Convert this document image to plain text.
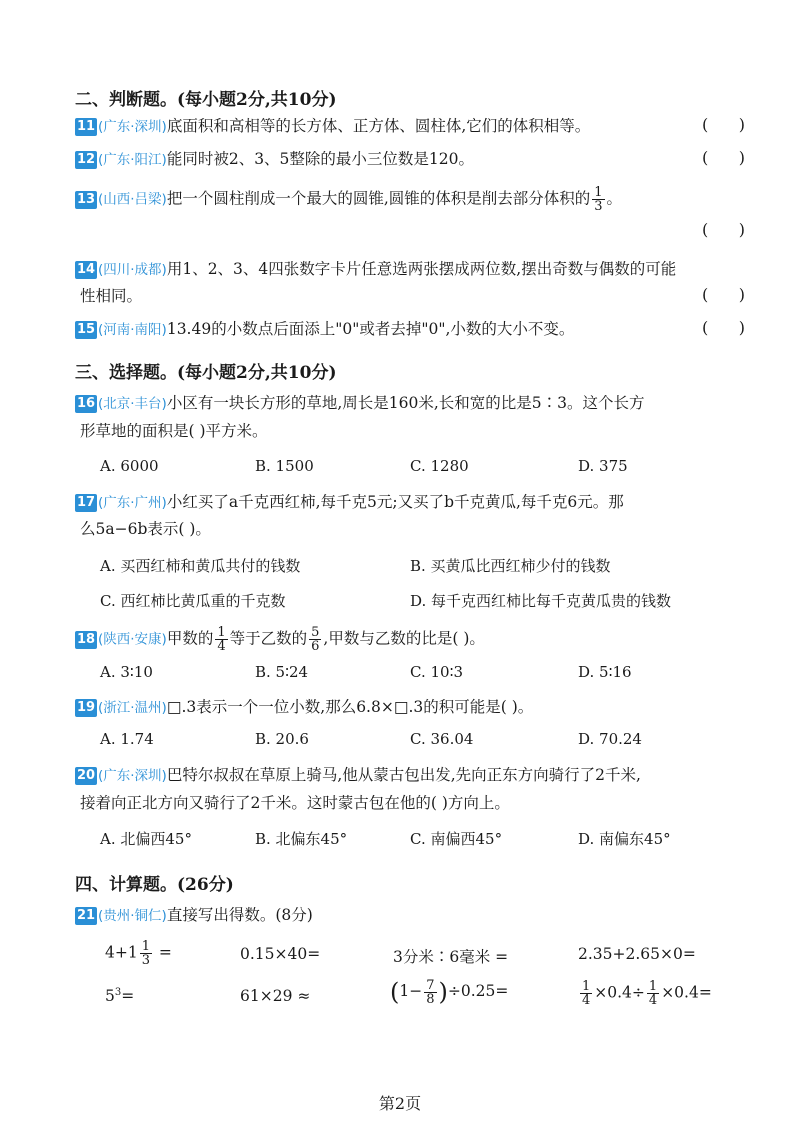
二、判断题。(每小题2分,共10分)
11 (广东·深圳)底面积和高相等的长方体、正方体、圆柱体,它们的体积相等。	(      )
12 (广东·阳江)能同时被2、3、5整除的最小三位数是120。	(      )
13 (山西·吕梁)把一个圆柱削成一个最大的圆锥,圆锥的体积是削去部分体积的 $\frac{1}{3}$ 。
(      )
14 (四川·成都)用1、2、3、4四张数字卡片任意选两张摆成两位数,摆出奇数与偶数的可能
性相同。	(      )
15 (河南·南阳)13.49的小数点后面添上"0"或者去掉"0",小数的大小不变。	(      )
三、选择题。(每小题2分,共10分)
16 (北京·丰台)小区有一块长方形的草地,周长是160米,长和宽的比是5∶3。这个长方
形草地的面积是( )平方米。
A. 6000	B. 1500	C. 1280	D. 375
17 (广东·广州)小红买了a千克西红柿,每千克5元;又买了b千克黄瓜,每千克6元。那
么5a−6b表示( )。
A. 买西红柿和黄瓜共付的钱数	B. 买黄瓜比西红柿少付的钱数
C. 西红柿比黄瓜重的千克数	D. 每千克西红柿比每千克黄瓜贵的钱数
18 (陕西·安康)甲数的 $\frac{1}{4}$ 等于乙数的 $\frac{5}{6}$ ,甲数与乙数的比是( )。
A. 3∶10	B. 5∶24	C. 10∶3	D. 5∶16
19 (浙江·温州)□.3表示一个一位小数,那么6.8×□.3的积可能是( )。
A. 1.74	B. 20.6	C. 36.04	D. 70.24
20 (广东·深圳)巴特尔叔叔在草原上骑马,他从蒙古包出发,先向正东方向骑行了2千米,
接着向正北方向又骑行了2千米。这时蒙古包在他的( )方向上。
A. 北偏西45°	B. 北偏东45°	C. 南偏西45°	D. 南偏东45°
四、计算题。(26分)
21 (贵州·铜仁)直接写出得数。(8分)
$4+1 \frac{1}{3}$ =	0.15×40=	3分米∶6毫米 =	2.35+2.65×0=
$5^3=$	61×29 ≈	$(1- \frac{7}{8} )\div 0.25=$	$\frac{1}{4} \times 0.4\div \frac{1}{4} \times 0.4=$
第2页
